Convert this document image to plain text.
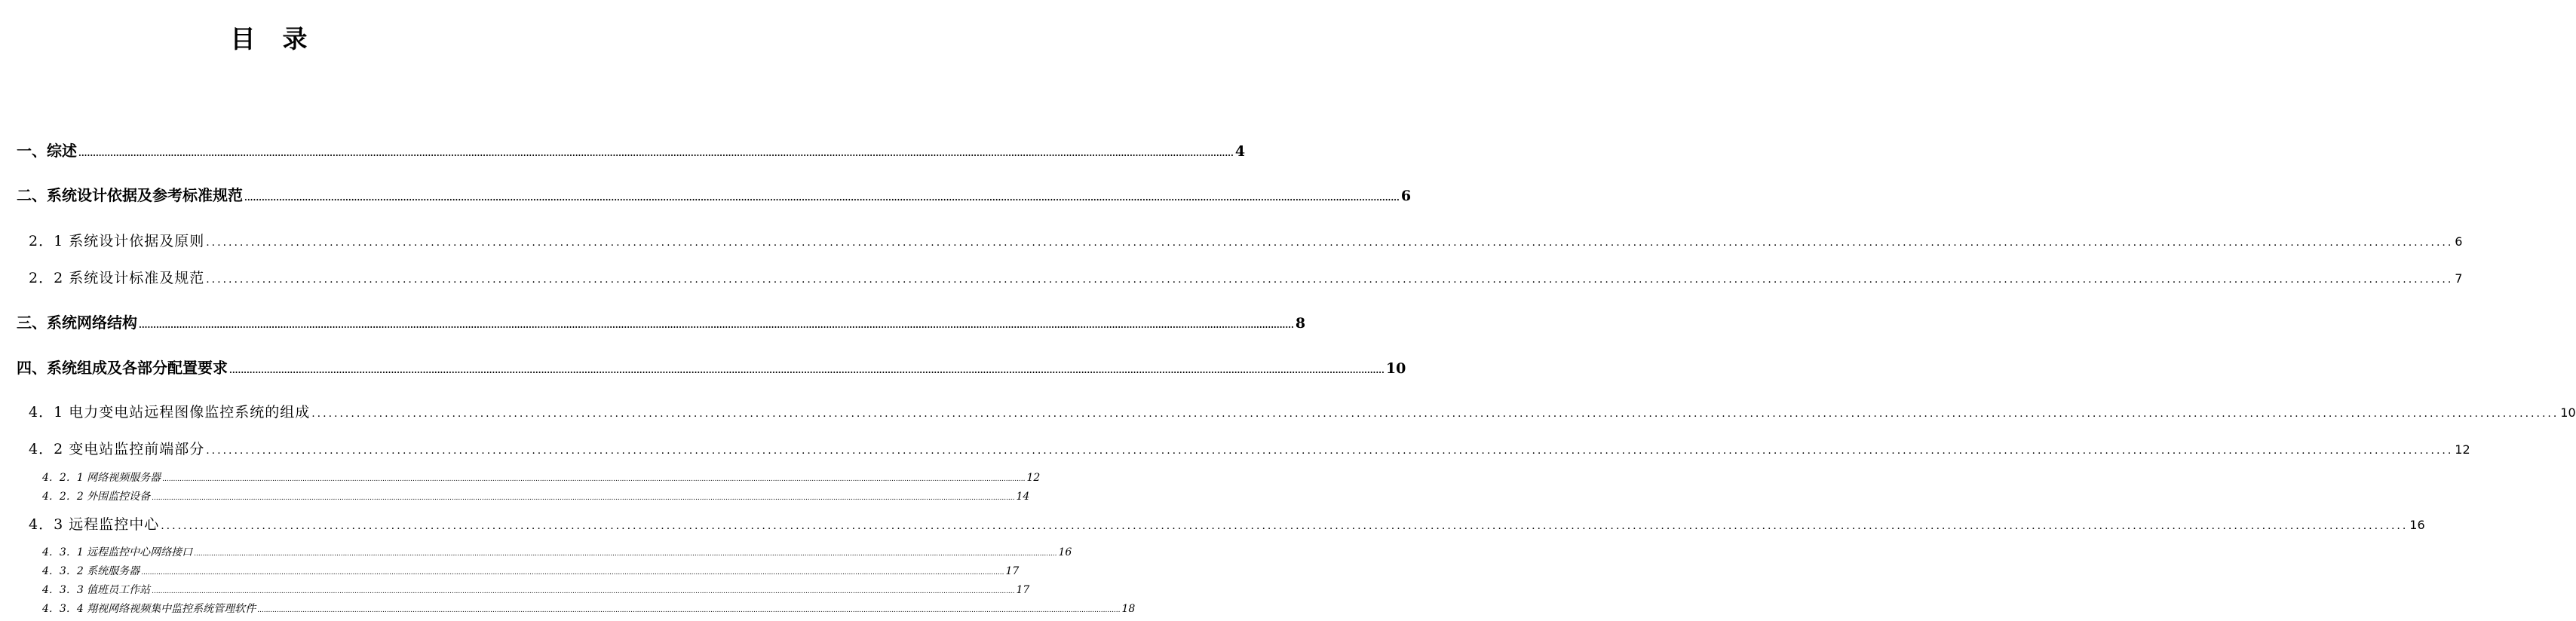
目 录
一、综述 ................................................................................................................................................................................................................................................................................................................................................................................................................ 4
二、系统设计依据及参考标准规范 ................................................................................................................................................................................................................................................................................................................................................................................................................ 6
2．1 系统设计依据及原则 ................................................................................................................................................................................................................................................................................................................................................................................................................ 6
2．2 系统设计标准及规范 ................................................................................................................................................................................................................................................................................................................................................................................................................ 7
三、系统网络结构 ................................................................................................................................................................................................................................................................................................................................................................................................................ 8
四、系统组成及各部分配置要求 ................................................................................................................................................................................................................................................................................................................................................................................................................ 10
4．1 电力变电站远程图像监控系统的组成 ................................................................................................................................................................................................................................................................................................................................................................................................................ 10
4．2 变电站监控前端部分 ................................................................................................................................................................................................................................................................................................................................................................................................................ 12
4．2．1 网络视频服务器 ................................................................................................................................................................................................................................................................................................................................................................................................................ 12
4．2．2 外围监控设备 ................................................................................................................................................................................................................................................................................................................................................................................................................ 14
4．3 远程监控中心 ................................................................................................................................................................................................................................................................................................................................................................................................................ 16
4．3．1 远程监控中心网络接口 ................................................................................................................................................................................................................................................................................................................................................................................................................ 16
4．3．2 系统服务器 ................................................................................................................................................................................................................................................................................................................................................................................................................ 17
4．3．3 值班员工作站 ................................................................................................................................................................................................................................................................................................................................................................................................................ 17
4．3．4 翔视网络视频集中监控系统管理软件 ................................................................................................................................................................................................................................................................................................................................................................................................................ 18
